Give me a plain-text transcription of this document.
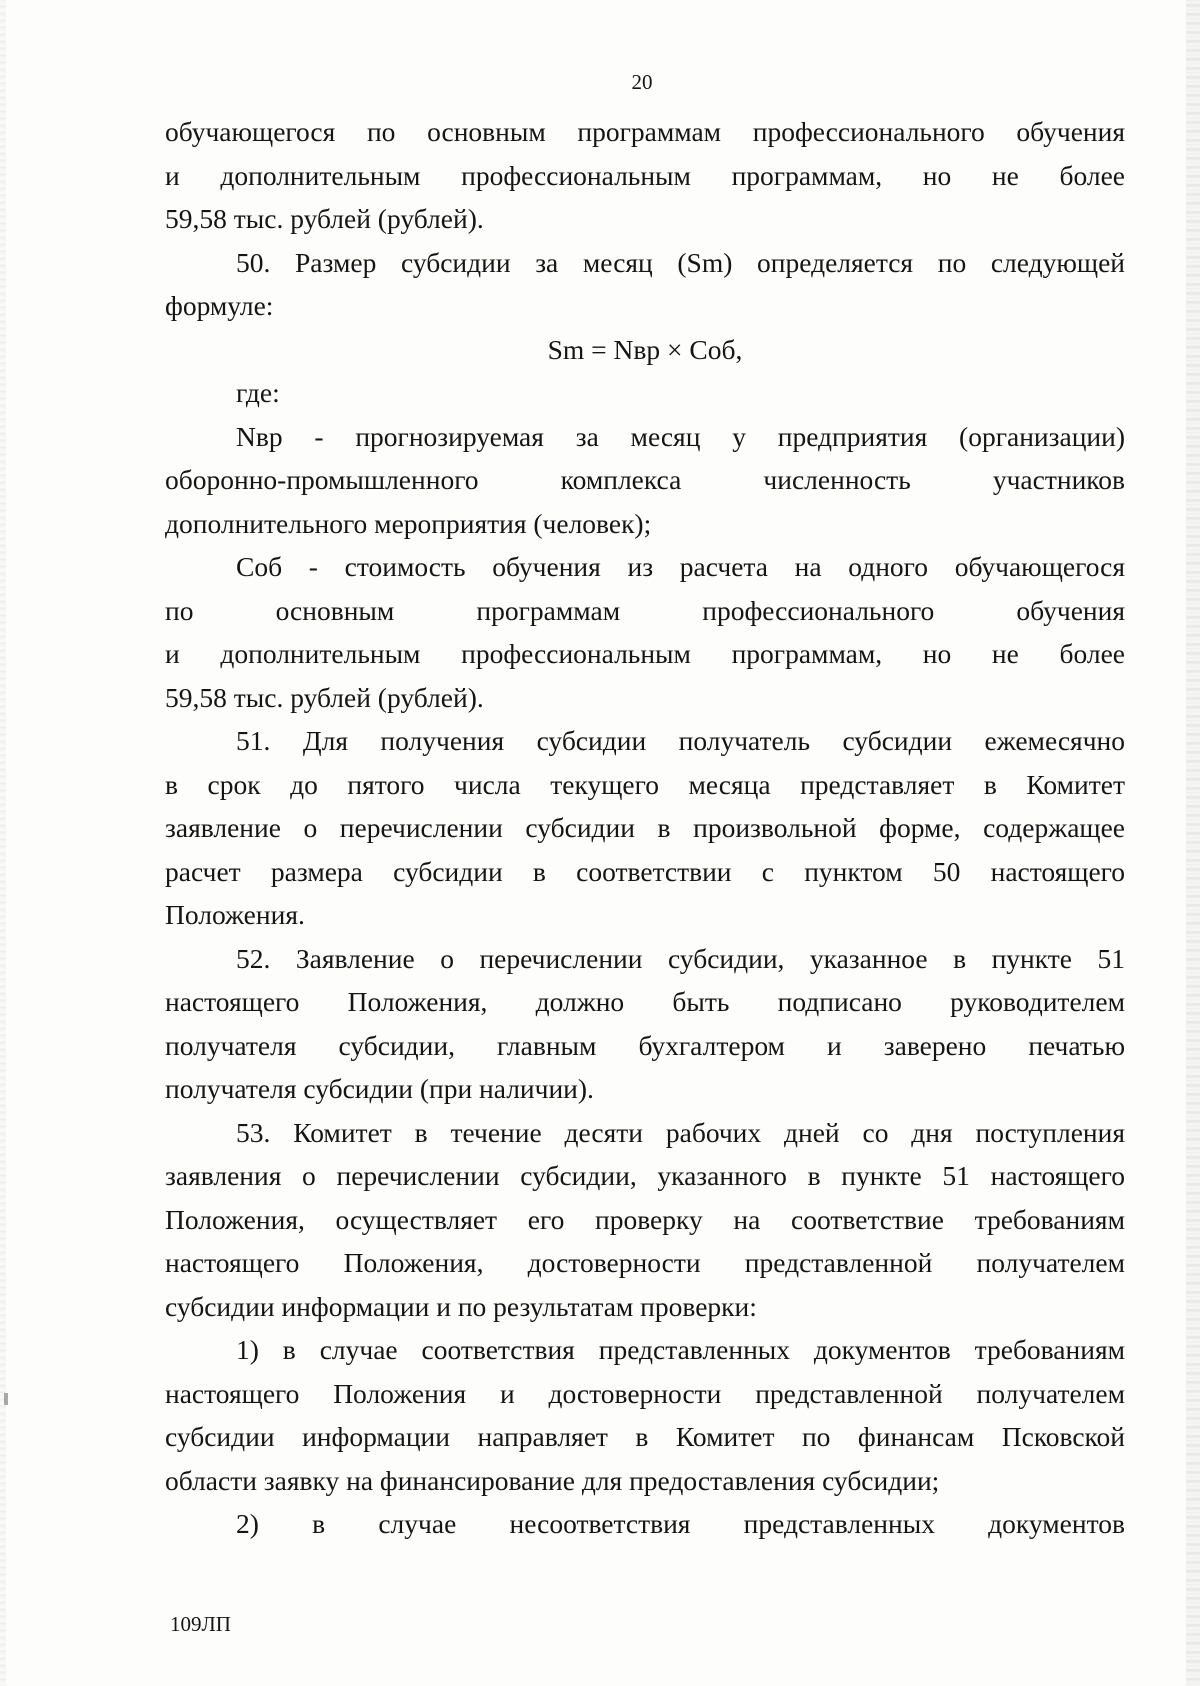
20
обучающегося по основным программам профессионального обучения
и дополнительным профессиональным программам, но не более
59,58 тыс. рублей (рублей).
50. Размер субсидии за месяц (Sm) определяется по следующей
формуле:
Sm = Nвр × Cоб,
где:
Nвр - прогнозируемая за месяц у предприятия (организации)
оборонно-промышленного комплекса численность участников
дополнительного мероприятия (человек);
Cоб - стоимость обучения из расчета на одного обучающегося
по основным программам профессионального обучения
и дополнительным профессиональным программам, но не более
59,58 тыс. рублей (рублей).
51. Для получения субсидии получатель субсидии ежемесячно
в срок до пятого числа текущего месяца представляет в Комитет
заявление о перечислении субсидии в произвольной форме, содержащее
расчет размера субсидии в соответствии с пунктом 50 настоящего
Положения.
52. Заявление о перечислении субсидии, указанное в пункте 51
настоящего Положения, должно быть подписано руководителем
получателя субсидии, главным бухгалтером и заверено печатью
получателя субсидии (при наличии).
53. Комитет в течение десяти рабочих дней со дня поступления
заявления о перечислении субсидии, указанного в пункте 51 настоящего
Положения, осуществляет его проверку на соответствие требованиям
настоящего Положения, достоверности представленной получателем
субсидии информации и по результатам проверки:
1) в случае соответствия представленных документов требованиям
настоящего Положения и достоверности представленной получателем
субсидии информации направляет в Комитет по финансам Псковской
области заявку на финансирование для предоставления субсидии;
2) в случае несоответствия представленных документов
109ЛП
